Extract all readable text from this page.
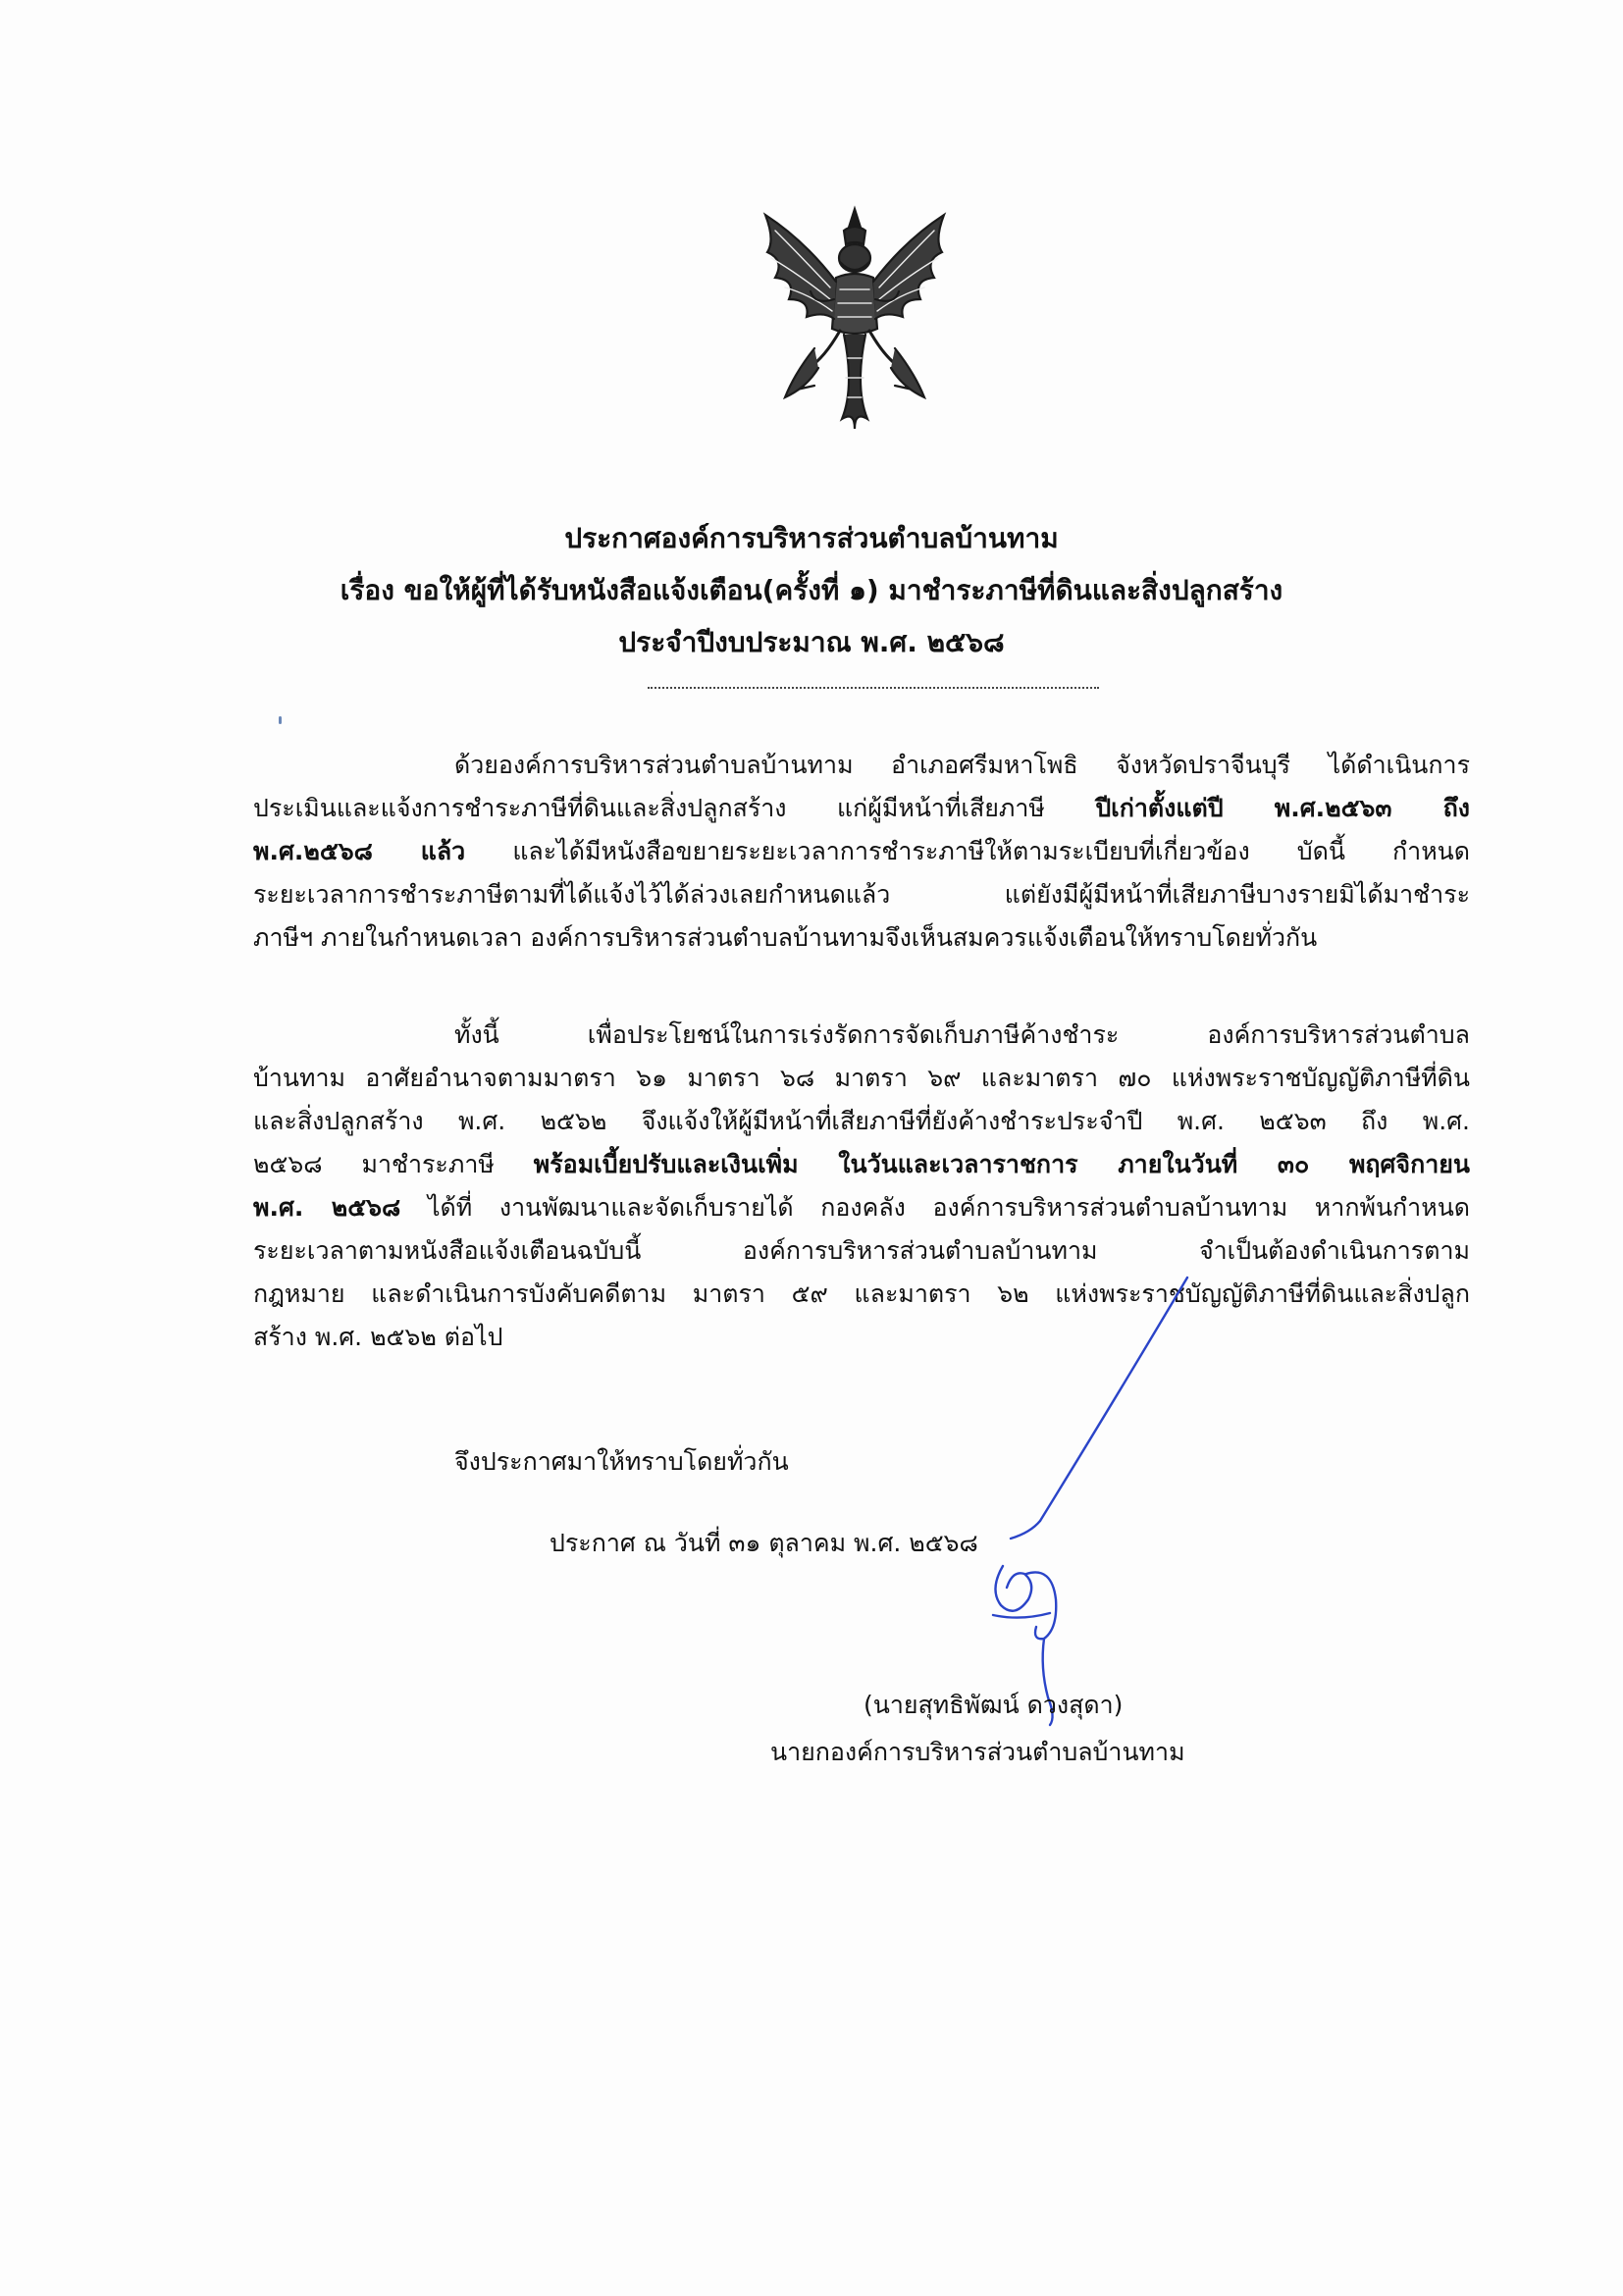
ประกาศองค์การบริหารส่วนตำบลบ้านทาม
เรื่อง ขอให้ผู้ที่ได้รับหนังสือแจ้งเตือน(ครั้งที่ ๑) มาชำระภาษีที่ดินและสิ่งปลูกสร้าง
ประจำปีงบประมาณ พ.ศ. ๒๕๖๘
ด้วยองค์การบริหารส่วนตำบลบ้านทาม อำเภอศรีมหาโพธิ จังหวัดปราจีนบุรี ได้ดำเนินการ
ประเมินและแจ้งการชำระภาษีที่ดินและสิ่งปลูกสร้าง แก่ผู้มีหน้าที่เสียภาษี ปีเก่าตั้งแต่ปี พ.ศ.๒๕๖๓ ถึง
พ.ศ.๒๕๖๘ แล้ว และได้มีหนังสือขยายระยะเวลาการชำระภาษีให้ตามระเบียบที่เกี่ยวข้อง บัดนี้ กำหนด
ระยะเวลาการชำระภาษีตามที่ได้แจ้งไว้ได้ล่วงเลยกำหนดแล้ว แต่ยังมีผู้มีหน้าที่เสียภาษีบางรายมิได้มาชำระ
ภาษีฯ ภายในกำหนดเวลา องค์การบริหารส่วนตำบลบ้านทามจึงเห็นสมควรแจ้งเตือนให้ทราบโดยทั่วกัน
ทั้งนี้ เพื่อประโยชน์ในการเร่งรัดการจัดเก็บภาษีค้างชำระ องค์การบริหารส่วนตำบล
บ้านทาม อาศัยอำนาจตามมาตรา ๖๑ มาตรา ๖๘ มาตรา ๖๙ และมาตรา ๗๐ แห่งพระราชบัญญัติภาษีที่ดิน
และสิ่งปลูกสร้าง พ.ศ. ๒๕๖๒ จึงแจ้งให้ผู้มีหน้าที่เสียภาษีที่ยังค้างชำระประจำปี พ.ศ. ๒๕๖๓ ถึง พ.ศ.
๒๕๖๘ มาชำระภาษี พร้อมเบี้ยปรับและเงินเพิ่ม ในวันและเวลาราชการ ภายในวันที่ ๓๐ พฤศจิกายน
พ.ศ. ๒๕๖๘ ได้ที่ งานพัฒนาและจัดเก็บรายได้ กองคลัง องค์การบริหารส่วนตำบลบ้านทาม หากพ้นกำหนด
ระยะเวลาตามหนังสือแจ้งเตือนฉบับนี้ องค์การบริหารส่วนตำบลบ้านทาม จำเป็นต้องดำเนินการตาม
กฎหมาย และดำเนินการบังคับคดีตาม มาตรา ๕๙ และมาตรา ๖๒ แห่งพระราชบัญญัติภาษีที่ดินและสิ่งปลูก
สร้าง พ.ศ. ๒๕๖๒ ต่อไป
จึงประกาศมาให้ทราบโดยทั่วกัน
ประกาศ ณ วันที่ ๓๑ ตุลาคม พ.ศ. ๒๕๖๘
(นายสุทธิพัฒน์ ดวงสุดา)
นายกองค์การบริหารส่วนตำบลบ้านทาม
